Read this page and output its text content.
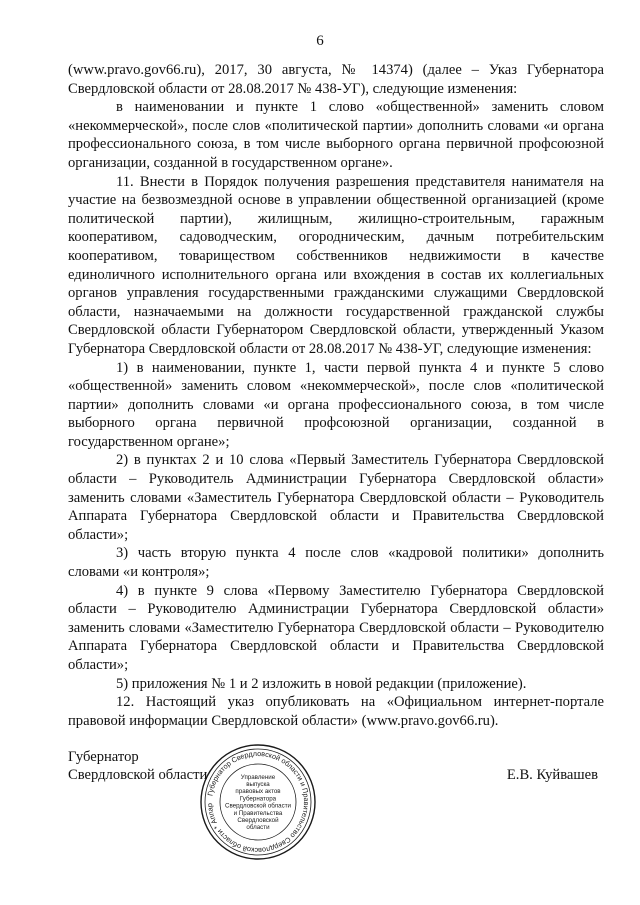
6

(www.pravo.gov66.ru), 2017, 30 августа, № 14374) (далее – Указ Губернатора Свердловской области от 28.08.2017 № 438-УГ), следующие изменения:

в наименовании и пункте 1 слово «общественной» заменить словом «некоммерческой», после слов «политической партии» дополнить словами «и органа профессионального союза, в том числе выборного органа первичной профсоюзной организации, созданной в государственном органе».

11. Внести в Порядок получения разрешения представителя нанимателя на участие на безвозмездной основе в управлении общественной организацией (кроме политической партии), жилищным, жилищно-строительным, гаражным кооперативом, садоводческим, огородническим, дачным потребительским кооперативом, товариществом собственников недвижимости в качестве единоличного исполнительного органа или вхождения в состав их коллегиальных органов управления государственными гражданскими служащими Свердловской области, назначаемыми на должности государственной гражданской службы Свердловской области Губернатором Свердловской области, утвержденный Указом Губернатора Свердловской области от 28.08.2017 № 438-УГ, следующие изменения:

1) в наименовании, пункте 1, части первой пункта 4 и пункте 5 слово «общественной» заменить словом «некоммерческой», после слов «политической партии» дополнить словами «и органа профессионального союза, в том числе выборного органа первичной профсоюзной организации, созданной в государственном органе»;

2) в пунктах 2 и 10 слова «Первый Заместитель Губернатора Свердловской области – Руководитель Администрации Губернатора Свердловской области» заменить словами «Заместитель Губернатора Свердловской области – Руководитель Аппарата Губернатора Свердловской области и Правительства Свердловской области»;

3) часть вторую пункта 4 после слов «кадровой политики» дополнить словами «и контроля»;

4) в пункте 9 слова «Первому Заместителю Губернатора Свердловской области – Руководителю Администрации Губернатора Свердловской области» заменить словами «Заместителю Губернатора Свердловской области – Руководителю Аппарата Губернатора Свердловской области и Правительства Свердловской области»;

5) приложения № 1 и 2 изложить в новой редакции (приложение).

12. Настоящий указ опубликовать на «Официальном интернет-портале правовой информации Свердловской области» (www.pravo.gov66.ru).

Губернатор
Свердловской области
Губернатор Свердловской области и Правительство Свердловской области * Аппар
Управление
выпуска
правовых актов
Губернатора
Свердловской области
и Правительства
Свердловской
области
Е.В. Куйвашев
